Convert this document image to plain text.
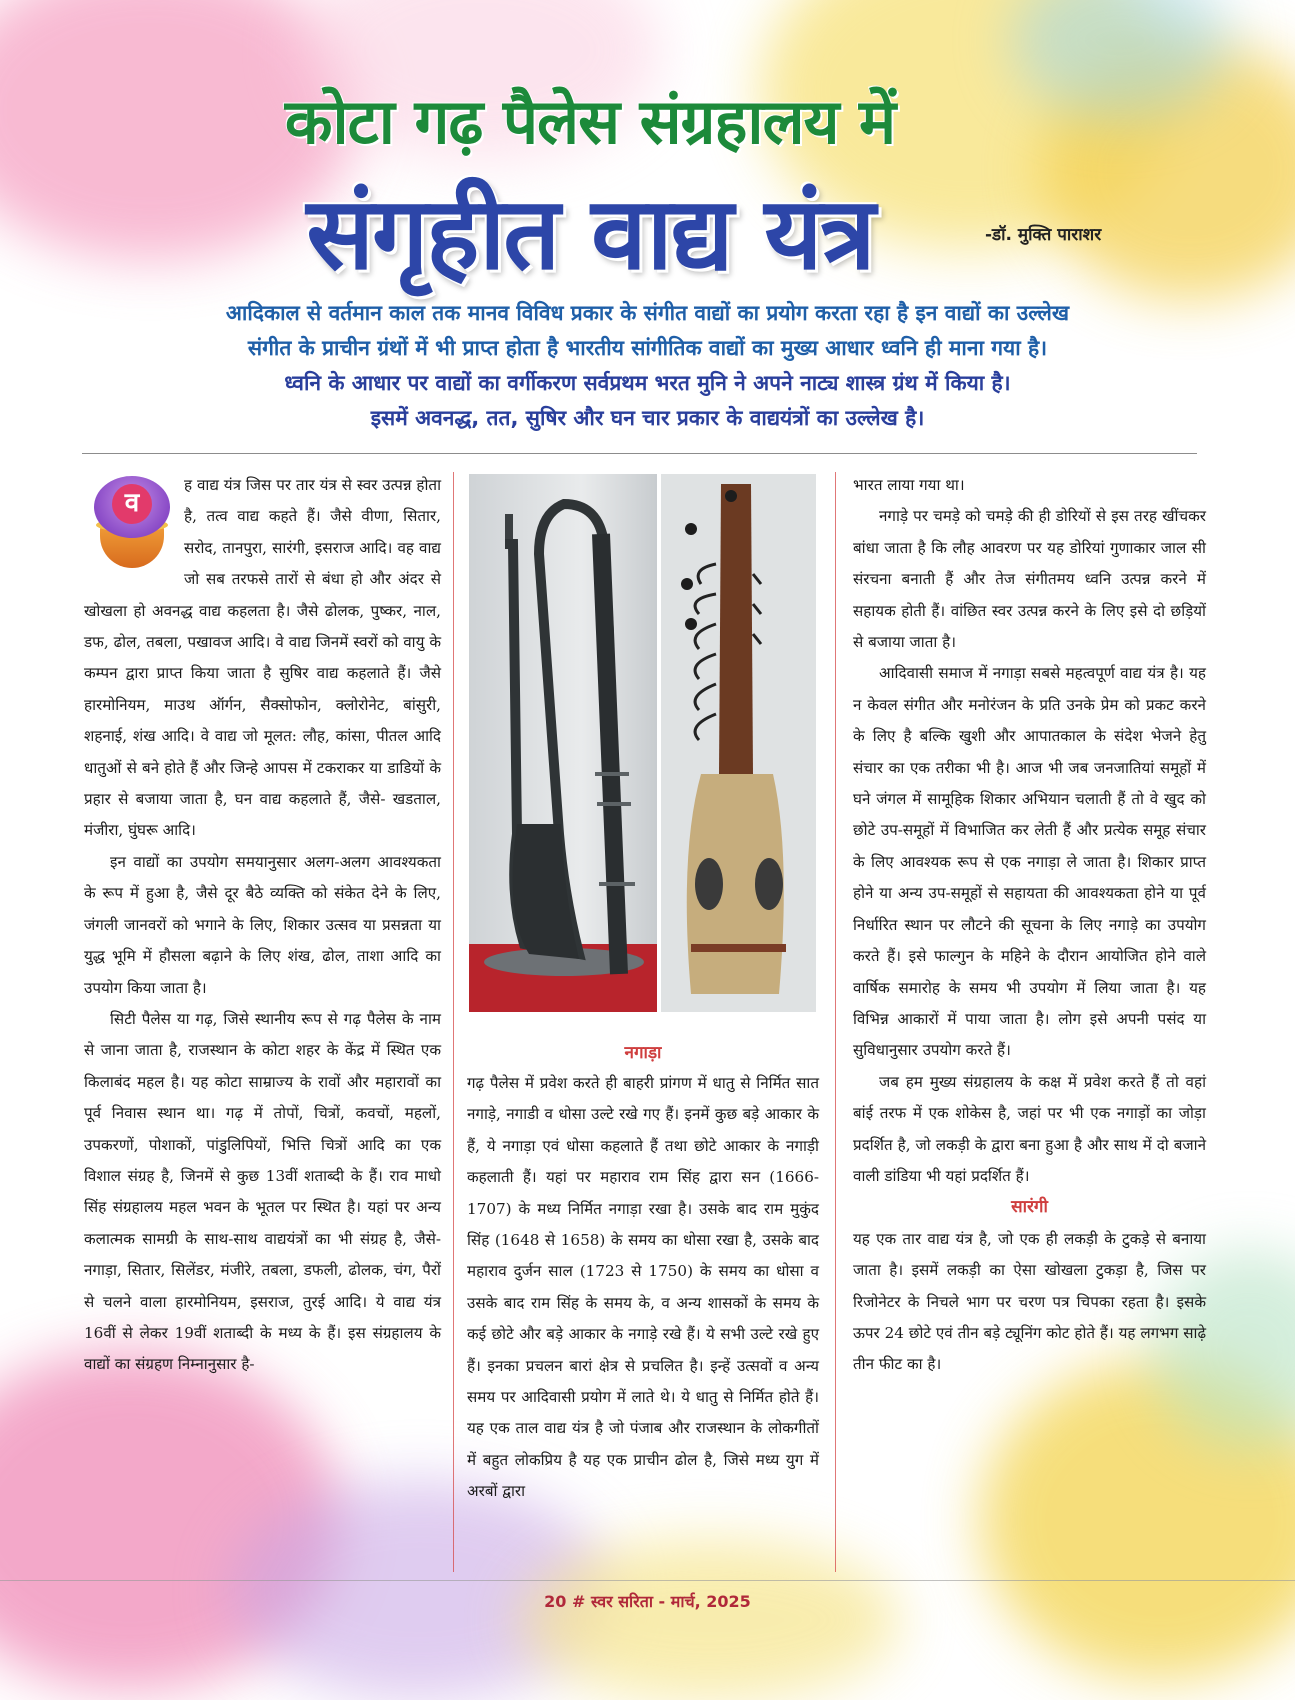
कोटा गढ़ पैलेस संग्रहालय में
संगृहीत वाद्य यंत्र	-डॉ. मुक्ति पाराशर
आदिकाल से वर्तमान काल तक मानव विविध प्रकार के संगीत वाद्यों का प्रयोग करता रहा है इन वाद्यों का उल्लेख
संगीत के प्राचीन ग्रंथों में भी प्राप्त होता है भारतीय सांगीतिक वाद्यों का मुख्य आधार ध्वनि ही माना गया है।
ध्वनि के आधार पर वाद्यों का वर्गीकरण सर्वप्रथम भरत मुनि ने अपने नाट्य शास्त्र ग्रंथ में किया है।
इसमें अवनद्ध, तत, सुषिर और घन चार प्रकार के वाद्ययंत्रों का उल्लेख है।
व

ह वाद्य यंत्र जिस पर तार यंत्र से स्वर उत्पन्न होता है, तत्व वाद्य कहते हैं। जैसे वीणा, सितार, सरोद, तानपुरा, सारंगी, इसराज आदि। वह वाद्य जो सब तरफसे तारों से बंधा हो और अंदर से खोखला हो अवनद्ध वाद्य कहलता है। जैसे ढोलक, पुष्कर, नाल, डफ, ढोल, तबला, पखावज आदि। वे वाद्य जिनमें स्वरों को वायु के कम्पन द्वारा प्राप्त किया जाता है सुषिर वाद्य कहलाते हैं। जैसे हारमोनियम, माउथ ऑर्गन, सैक्सोफोन, क्लोरोनेट, बांसुरी, शहनाई, शंख आदि। वे वाद्य जो मूलत: लौह, कांसा, पीतल आदि धातुओं से बने होते हैं और जिन्हे आपस में टकराकर या डाडियों के प्रहार से बजाया जाता है, घन वाद्य कहलाते हैं, जैसे- खडताल, मंजीरा, घुंघरू आदि।

इन वाद्यों का उपयोग समयानुसार अलग-अलग आवश्यकता के रूप में हुआ है, जैसे दूर बैठे व्यक्ति को संकेत देने के लिए, जंगली जानवरों को भगाने के लिए, शिकार उत्सव या प्रसन्नता या युद्ध भूमि में हौसला बढ़ाने के लिए शंख, ढोल, ताशा आदि का उपयोग किया जाता है।

सिटी पैलेस या गढ़, जिसे स्थानीय रूप से गढ़ पैलेस के नाम से जाना जाता है, राजस्थान के कोटा शहर के केंद्र में स्थित एक किलाबंद महल है। यह कोटा साम्राज्य के रावों और महारावों का पूर्व निवास स्थान था। गढ़ में तोपों, चित्रों, कवचों, महलों, उपकरणों, पोशाकों, पांडुलिपियों, भित्ति चित्रों आदि का एक विशाल संग्रह है, जिनमें से कुछ 13वीं शताब्दी के हैं। राव माधो सिंह संग्रहालय महल भवन के भूतल पर स्थित है। यहां पर अन्य कलात्मक सामग्री के साथ-साथ वाद्ययंत्रों का भी संग्रह है, जैसे- नगाड़ा, सितार, सिलेंडर, मंजीरे, तबला, डफली, ढोलक, चंग, पैरों से चलने वाला हारमोनियम, इसराज, तुरई आदि। ये वाद्य यंत्र 16वीं से लेकर 19वीं शताब्दी के मध्य के हैं। इस संग्रहालय के वाद्यों का संग्रहण निम्नानुसार है-

नगाड़ा

गढ़ पैलेस में प्रवेश करते ही बाहरी प्रांगण में धातु से निर्मित सात नगाड़े, नगाडी व धोसा उल्टे रखे गए हैं। इनमें कुछ बड़े आकार के हैं, ये नगाड़ा एवं धोसा कहलाते हैं तथा छोटे आकार के नगाड़ी कहलाती हैं। यहां पर महाराव राम सिंह द्वारा सन (1666-1707) के मध्य निर्मित नगाड़ा रखा है। उसके बाद राम मुकुंद सिंह (1648 से 1658) के समय का धोसा रखा है, उसके बाद महाराव दुर्जन साल (1723 से 1750) के समय का धोसा व उसके बाद राम सिंह के समय के, व अन्य शासकों के समय के कई छोटे और बड़े आकार के नगाड़े रखे हैं। ये सभी उल्टे रखे हुए हैं। इनका प्रचलन बारां क्षेत्र से प्रचलित है। इन्हें उत्सवों व अन्य समय पर आदिवासी प्रयोग में लाते थे। ये धातु से निर्मित होते हैं। यह एक ताल वाद्य यंत्र है जो पंजाब और राजस्थान के लोकगीतों में बहुत लोकप्रिय है यह एक प्राचीन ढोल है, जिसे मध्य युग में अरबों द्वारा

भारत लाया गया था।

नगाड़े पर चमड़े को चमड़े की ही डोरियों से इस तरह खींचकर बांधा जाता है कि लौह आवरण पर यह डोरियां गुणाकार जाल सी संरचना बनाती हैं और तेज संगीतमय ध्वनि उत्पन्न करने में सहायक होती हैं। वांछित स्वर उत्पन्न करने के लिए इसे दो छड़ियों से बजाया जाता है।

आदिवासी समाज में नगाड़ा सबसे महत्वपूर्ण वाद्य यंत्र है। यह न केवल संगीत और मनोरंजन के प्रति उनके प्रेम को प्रकट करने के लिए है बल्कि खुशी और आपातकाल के संदेश भेजने हेतु संचार का एक तरीका भी है। आज भी जब जनजातियां समूहों में घने जंगल में सामूहिक शिकार अभियान चलाती हैं तो वे खुद को छोटे उप-समूहों में विभाजित कर लेती हैं और प्रत्येक समूह संचार के लिए आवश्यक रूप से एक नगाड़ा ले जाता है। शिकार प्राप्त होने या अन्य उप-समूहों से सहायता की आवश्यकता होने या पूर्व निर्धारित स्थान पर लौटने की सूचना के लिए नगाड़े का उपयोग करते हैं। इसे फाल्गुन के महिने के दौरान आयोजित होने वाले वार्षिक समारोह के समय भी उपयोग में लिया जाता है। यह विभिन्न आकारों में पाया जाता है। लोग इसे अपनी पसंद या सुविधानुसार उपयोग करते हैं।

जब हम मुख्य संग्रहालय के कक्ष में प्रवेश करते हैं तो वहां बांई तरफ में एक शोकेस है, जहां पर भी एक नगाड़ों का जोड़ा प्रदर्शित है, जो लकड़ी के द्वारा बना हुआ है और साथ में दो बजाने वाली डांडिया भी यहां प्रदर्शित हैं।

सारंगी

यह एक तार वाद्य यंत्र है, जो एक ही लकड़ी के टुकड़े से बनाया जाता है। इसमें लकड़ी का ऐसा खोखला टुकड़ा है, जिस पर रिजोनेटर के निचले भाग पर चरण पत्र चिपका रहता है। इसके ऊपर 24 छोटे एवं तीन बड़े ट्यूनिंग कोट होते हैं। यह लगभग साढ़े तीन फीट का है।

20 # स्वर सरिता - मार्च, 2025
